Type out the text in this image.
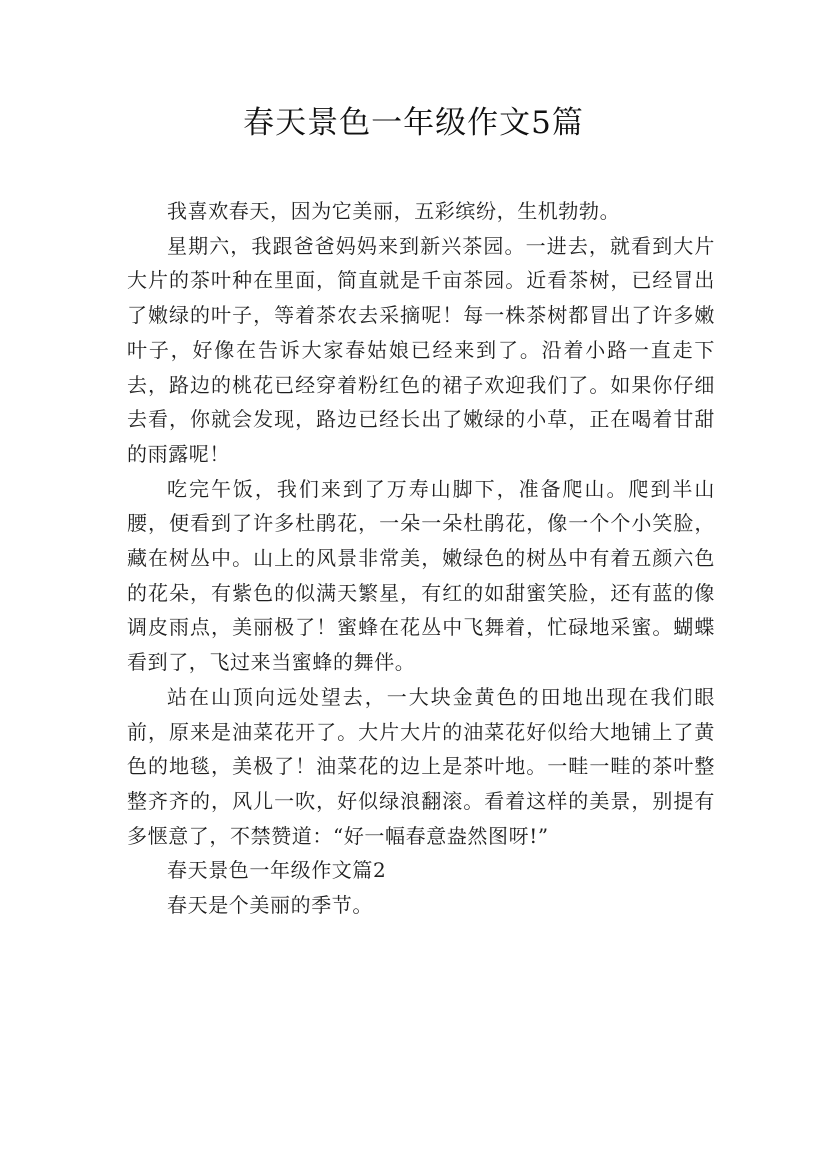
春天景色一年级作文5篇

我喜欢春天，因为它美丽，五彩缤纷，生机勃勃。

星期六，我跟爸爸妈妈来到新兴茶园。一进去，就看到大片大片的茶叶种在里面，简直就是千亩茶园。近看茶树，已经冒出了嫩绿的叶子，等着茶农去采摘呢！每一株茶树都冒出了许多嫩叶子，好像在告诉大家春姑娘已经来到了。沿着小路一直走下去，路边的桃花已经穿着粉红色的裙子欢迎我们了。如果你仔细去看，你就会发现，路边已经长出了嫩绿的小草，正在喝着甘甜的雨露呢！

吃完午饭，我们来到了万寿山脚下，准备爬山。爬到半山腰，便看到了许多杜鹃花，一朵一朵杜鹃花，像一个个小笑脸，藏在树丛中。山上的风景非常美，嫩绿色的树丛中有着五颜六色的花朵，有紫色的似满天繁星，有红的如甜蜜笑脸，还有蓝的像调皮雨点，美丽极了！蜜蜂在花丛中飞舞着，忙碌地采蜜。蝴蝶看到了，飞过来当蜜蜂的舞伴。

站在山顶向远处望去，一大块金黄色的田地出现在我们眼前，原来是油菜花开了。大片大片的油菜花好似给大地铺上了黄色的地毯，美极了！油菜花的边上是茶叶地。一畦一畦的茶叶整整齐齐的，风儿一吹，好似绿浪翻滚。看着这样的美景，别提有多惬意了，不禁赞道：“好一幅春意盎然图呀!”

春天景色一年级作文篇2

春天是个美丽的季节。
